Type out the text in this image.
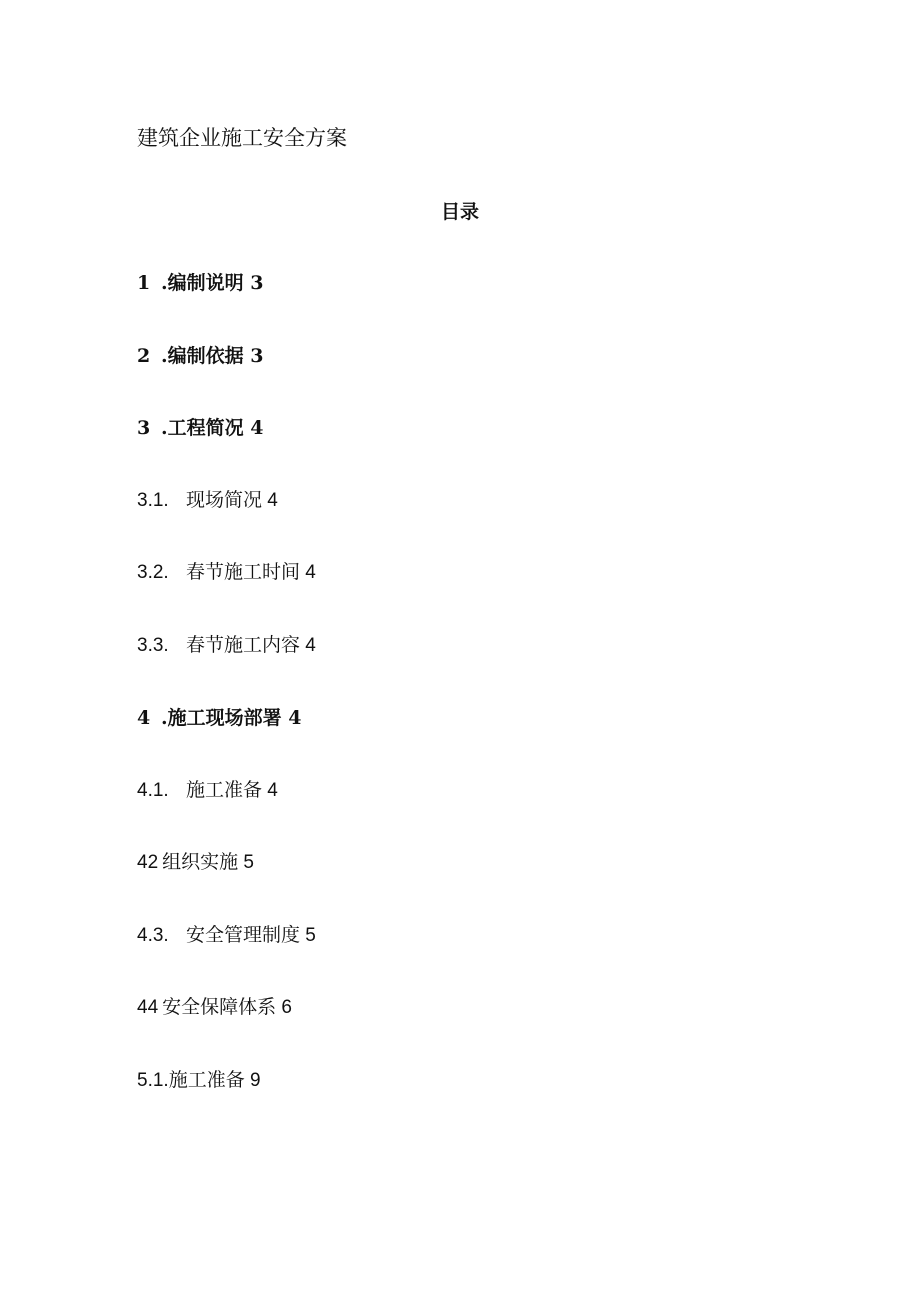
建筑企业施工安全方案
目录
1 .编制说明 3
2 .编制依据 3
3 .工程简况 4
3.1. 现场简况 4
3.2. 春节施工时间 4
3.3. 春节施工内容 4
4 .施工现场部署 4
4.1. 施工准备 4
42 组织实施 5
4.3. 安全管理制度 5
44 安全保障体系 6
5.1.施工准备 9
